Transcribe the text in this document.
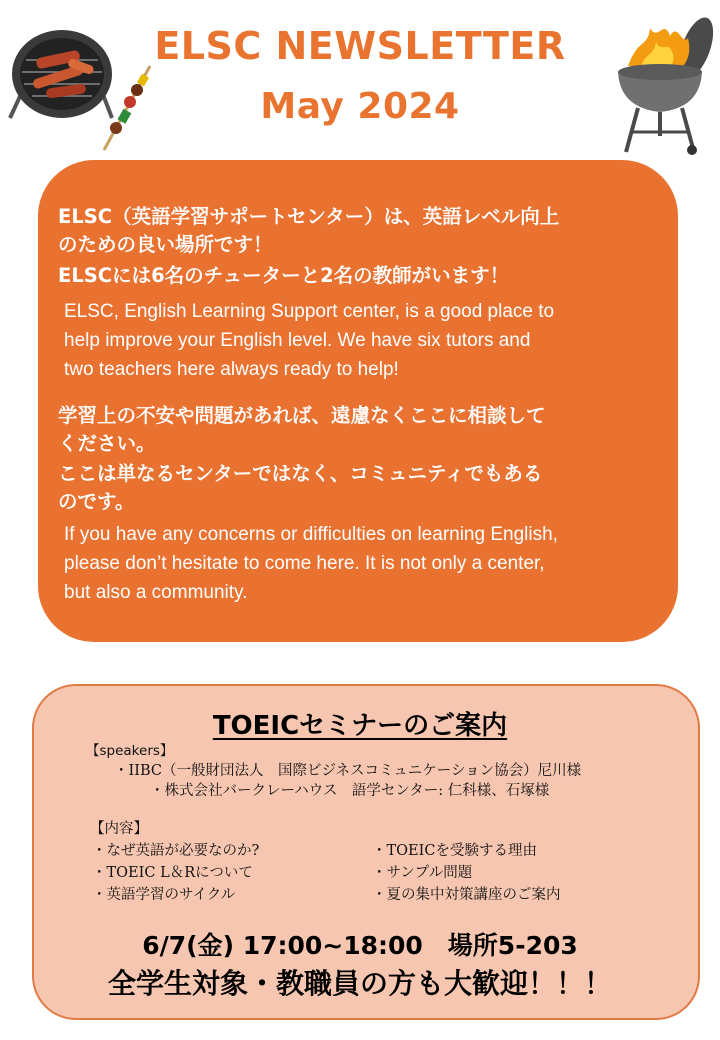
ELSC NEWSLETTER
May 2024

ELSC（英語学習サポートセンター）は、英語レベル向上

のための良い場所です！

ELSCには6名のチューターと2名の教師がいます！

ELSC, English Learning Support center, is a good place to

help improve your English level. We have six tutors and

two teachers here always ready to help!

学習上の不安や問題があれば、遠慮なくここに相談して

ください。

ここは単なるセンターではなく、コミュニティでもある

のです。

If you have any concerns or difficulties on learning English,

please don’t hesitate to come here. It is not only a center,

but also a community.

TOEICセミナーのご案内
【speakers】
・IIBC（一般財団法人　国際ビジネスコミュニケーション協会）尼川様
・株式会社バークレーハウス　語学センター: 仁科様、石塚様
【内容】
・なぜ英語が必要なのか?
・TOEIC L＆Rについて
・英語学習のサイクル
・TOEICを受験する理由
・サンプル問題
・夏の集中対策講座のご案内
6/7(金) 17:00~18:00　場所5-203
全学生対象・教職員の方も大歓迎！！！
